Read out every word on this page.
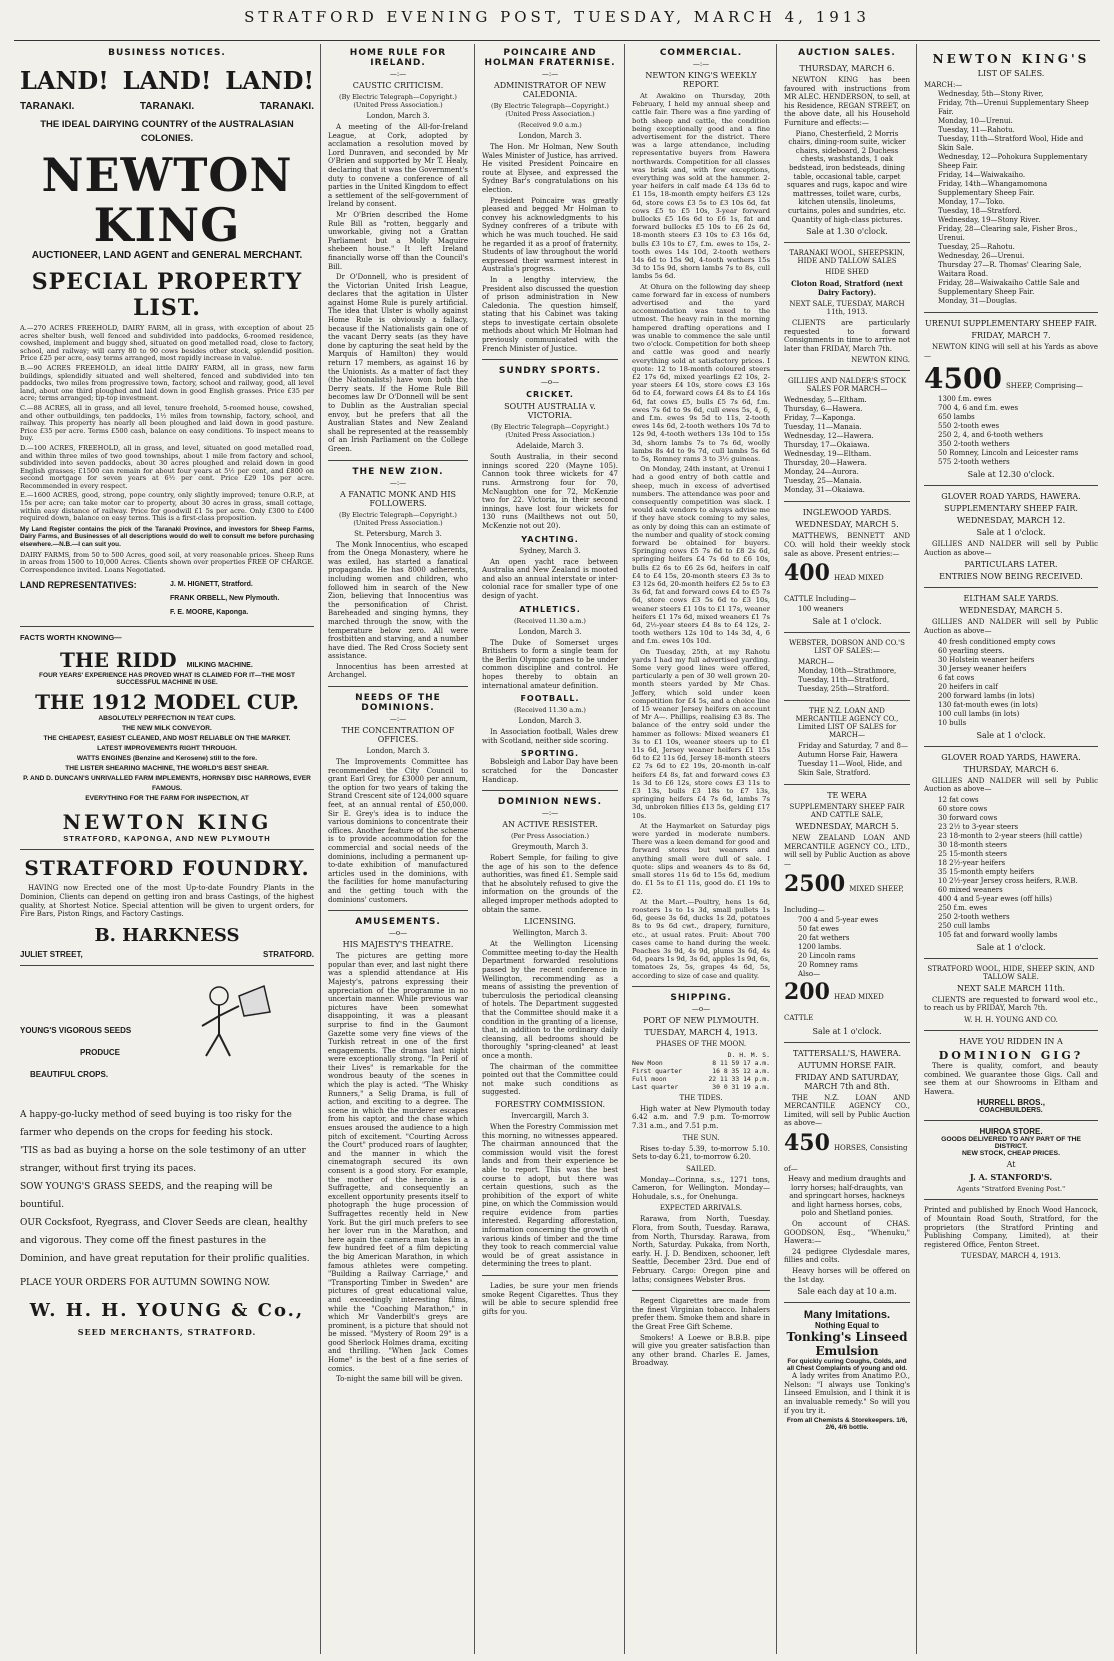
STRATFORD EVENING POST, TUESDAY, MARCH 4, 1913
BUSINESS NOTICES.
LAND! LAND! LAND!
TARANAKI.	TARANAKI.	TARANAKI.
THE IDEAL DAIRYING COUNTRY of the AUSTRALASIAN COLONIES.
NEWTON KING
AUCTIONEER, LAND AGENT and GENERAL MERCHANT.
SPECIAL PROPERTY LIST.

A.—270 ACRES FREEHOLD, DAIRY FARM, all in grass, with exception of about 25 acres shelter bush, well fenced and subdivided into paddocks, 6-roomed residence, cowshed, implement and buggy shed, situated on good metalled road, close to factory, school, and railway; will carry 80 to 90 cows besides other stock, splendid position. Price £25 per acre, easy terms arranged, most rapidly increase in value.

B.—90 ACRES FREEHOLD, an ideal little DAIRY FARM, all in grass, new farm buildings, splendidly situated and well sheltered, fenced and subdivided into ten paddocks, two miles from progressive town, factory, school and railway, good, all level land, about one third ploughed and laid down in good English grasses. Price £35 per acre; terms arranged; tip-top investment.

C.—88 ACRES, all in grass, and all level, tenure freehold, 5-roomed house, cowshed, and other outbuildings, ten paddocks, 1½ miles from township, factory, school, and railway. This property has nearly all been ploughed and laid down in good pasture. Price £35 per acre. Terms £500 cash, balance on easy conditions. To inspect means to buy.

D.—100 ACRES, FREEHOLD, all in grass, and level, situated on good metalled road, and within three miles of two good townships, about 1 mile from factory and school, subdivided into seven paddocks, about 30 acres ploughed and relaid down in good English grasses; £1500 can remain for about four years at 5½ per cent, and £800 on second mortgage for seven years at 6½ per cent. Price £29 10s per acre. Recommended in every respect.

E.—1600 ACRES, good, strong, pope country, only slightly improved; tenure O.R.P., at 15s per acre; can take motor car to property, about 30 acres in grass, small cottage, within easy distance of railway. Price for goodwill £1 5s per acre. Only £300 to £400 required down, balance on easy terms. This is a first-class proposition.

My Land Register contains the pick of the Taranaki Province, and investors for Sheep Farms, Dairy Farms, and Businesses of all descriptions would do well to consult me before purchasing elsewhere.—N.B.—I can suit you.

DAIRY FARMS, from 50 to 500 Acres, good soil, at very reasonable prices. Sheep Runs in areas from 1500 to 10,000 Acres. Clients shown over properties FREE OF CHARGE. Correspondence invited. Loans Negotiated.

LAND REPRESENTATIVES:	J. M. HIGNETT, Stratford.
FRANK ORBELL, New Plymouth.
F. E. MOORE, Kaponga.
FACTS WORTH KNOWING—
THE RIDD MILKING MACHINE.
FOUR YEARS' EXPERIENCE HAS PROVED WHAT IS CLAIMED FOR IT—THE MOST SUCCESSFUL MACHINE IN USE.
THE 1912 MODEL CUP.
ABSOLUTELY PERFECTION IN TEAT CUPS.
THE NEW MILK CONVEYOR.
THE CHEAPEST, EASIEST CLEANED, AND MOST RELIABLE ON THE MARKET.
LATEST IMPROVEMENTS RIGHT THROUGH.
WATTS ENGINES (Benzine and Kerosene) still to the fore.
THE LISTER SHEARING MACHINE, THE WORLD'S BEST SHEAR.
P. AND D. DUNCAN'S UNRIVALLED FARM IMPLEMENTS, HORNSBY DISC HARROWS, EVER FAMOUS.
EVERYTHING FOR THE FARM FOR INSPECTION, AT
NEWTON KING
STRATFORD, KAPONGA, AND NEW PLYMOUTH
STRATFORD FOUNDRY.

HAVING now Erected one of the most Up-to-date Foundry Plants in the Dominion, Clients can depend on getting iron and brass Castings, of the highest quality, at Shortest Notice. Special attention will be given to urgent orders, for Fire Bars, Piston Rings, and Factory Castings.

B. HARKNESS
JULIET STREET,	STRATFORD.
YOUNG'S VIGOROUS SEEDS
PRODUCE
BEAUTIFUL CROPS.

A happy-go-lucky method of seed buying is too risky for the farmer who depends on the crops for feeding his stock.

'TIS as bad as buying a horse on the sole testimony of an utter stranger, without first trying its paces.

SOW YOUNG'S GRASS SEEDS, and the reaping will be bountiful.

OUR Cocksfoot, Ryegrass, and Clover Seeds are clean, healthy and vigorous. They come off the finest pastures in the Dominion, and have great reputation for their prolific qualities.

PLACE YOUR ORDERS FOR AUTUMN SOWING NOW.
W. H. H. YOUNG & Co.,
SEED MERCHANTS, STRATFORD.
HOME RULE FOR IRELAND.
—:—
CAUSTIC CRITICISM.
(By Electric Telegraph—Copyright.) (United Press Association.)
London, March 3.

A meeting of the All-for-Ireland League, at Cork, adopted by acclamation a resolution moved by Lord Dunraven, and seconded by Mr O'Brien and supported by Mr T. Healy, declaring that it was the Government's duty to convene a conference of all parties in the United Kingdom to effect a settlement of the self-government of Ireland by consent.

Mr O'Brien described the Home Rule Bill as "rotten, beggarly and unworkable, giving not a Grattan Parliament but a Molly Maguire shebeen house." It left Ireland financially worse off than the Council's Bill.

Dr O'Donnell, who is president of the Victorian United Irish League, declares that the agitation in Ulster against Home Rule is purely artificial. The idea that Ulster is wholly against Home Rule is obviously a fallacy, because if the Nationalists gain one of the vacant Derry seats (as they have done by capturing the seat held by the Marquis of Hamilton) they would return 17 members, as against 16 by the Unionists. As a matter of fact they (the Nationalists) have won both the Derry seats. If the Home Rule Bill becomes law Dr O'Donnell will be sent to Dublin as the Australian special envoy, but he prefers that all the Australian States and New Zealand shall be represented at the reassembly of an Irish Parliament on the College Green.

THE NEW ZION.
—:—
A FANATIC MONK AND HIS FOLLOWERS.
(By Electric Telegraph—Copyright.) (United Press Association.)
St. Petersburg, March 3.

The Monk Innocentius, who escaped from the Onega Monastery, where he was exiled, has started a fanatical propaganda. He has 8000 adherents, including women and children, who followed him in search of the New Zion, believing that Innocentius was the personification of Christ. Bareheaded and singing hymns, they marched through the snow, with the temperature below zero. All were frostbitten and starving, and a number have died. The Red Cross Society sent assistance.

Innocentius has been arrested at Archangel.

NEEDS OF THE DOMINIONS.
—:—
THE CONCENTRATION OF OFFICES.
London, March 3.

The Improvements Committee has recommended the City Council to grant Earl Grey, for £3000 per annum, the option for two years of taking the Strand Crescent site of 124,000 square feet, at an annual rental of £50,000. Sir E. Grey's idea is to induce the various dominions to concentrate their offices. Another feature of the scheme is to provide accommodation for the commercial and social needs of the dominions, including a permanent up-to-date exhibition of manufactured articles used in the dominions, with the facilities for home manufacturing and the getting touch with the dominions' customers.

AMUSEMENTS.
—o—
HIS MAJESTY'S THEATRE.

The pictures are getting more popular than ever, and last night there was a splendid attendance at His Majesty's, patrons expressing their appreciation of the programme in no uncertain manner. While previous war pictures have been somewhat disappointing, it was a pleasant surprise to find in the Gaumont Gazette some very fine views of the Turkish retreat in one of the first engagements. The dramas last night were exceptionally strong. "In Peril of their Lives" is remarkable for the wondrous beauty of the scenes in which the play is acted. "The Whisky Runners," a Selig Drama, is full of action, and exciting to a degree. The scene in which the murderer escapes from his captor, and the chase which ensues aroused the audience to a high pitch of excitement. "Courting Across the Court" produced roars of laughter, and the manner in which the cinematograph secured its own consent is a good story. For example, the mother of the heroine is a Suffragette, and consequently an excellent opportunity presents itself to photograph the huge procession of Suffragettes recently held in New York. But the girl much prefers to see her lover run in the Marathon, and here again the camera man takes in a few hundred feet of a film depicting the big American Marathon, in which famous athletes were competing. "Building a Railway Carriage," and "Transporting Timber in Sweden" are pictures of great educational value, and exceedingly interesting films, while the "Coaching Marathon," in which Mr Vanderbilt's greys are prominent, is a picture that should not be missed. "Mystery of Room 29" is a good Sherlock Holmes drama, exciting and thrilling. "When Jack Comes Home" is the best of a fine series of comics.

To-night the same bill will be given.

POINCAIRE AND HOLMAN FRATERNISE.
—:—
ADMINISTRATOR OF NEW CALEDONIA.
(By Electric Telegraph—Copyright.) (United Press Association.)
(Received 9.0 a.m.)
London, March 3.

The Hon. Mr Holman, New South Wales Minister of Justice, has arrived. He visited President Poincaire en route at Elysee, and expressed the Sydney Bar's congratulations on his election.

President Poincaire was greatly pleased and begged Mr Holman to convey his acknowledgments to his Sydney confreres of a tribute with which he was much touched. He said he regarded it as a proof of fraternity. Students of law throughout the world expressed their warmest interest in Australia's progress.

In a lengthy interview, the President also discussed the question of prison administration in New Caledonia. The question himself, stating that his Cabinet was taking steps to investigate certain obsolete methods about which Mr Holman had previously communicated with the French Minister of Justice.

SUNDRY SPORTS.
—o—
CRICKET.
SOUTH AUSTRALIA v. VICTORIA.
(By Electric Telegraph—Copyright.) (United Press Association.)
Adelaide, March 3.

South Australia, in their second innings scored 220 (Mayne 105). Cannon took three wickets for 47 runs. Armstrong four for 70, McNaughton one for 72, McKenzie two for 22. Victoria, in their second innings, have lost four wickets for 130 runs (Mailthews not out 50, McKenzie not out 20).

YACHTING.
Sydney, March 3.

An open yacht race between Australia and New Zealand is mooted and also an annual interstate or inter-colonial race for smaller type of one design of yacht.

ATHLETICS.
(Received 11.30 a.m.)
London, March 3.

The Duke of Somerset urges Britishers to form a single team for the Berlin Olympic games to be under common discipline and control. He hopes thereby to obtain an international amateur definition.

FOOTBALL.
(Received 11.30 a.m.)
London, March 3.

In Association football, Wales drew with Scotland, neither side scoring.

SPORTING.

Bobsleigh and Labor Day have been scratched for the Doncaster Handicap.

DOMINION NEWS.
—:—
AN ACTIVE RESISTER.
(Per Press Association.)
Greymouth, March 3.

Robert Semple, for failing to give the age of his son to the defence authorities, was fined £1. Semple said that he absolutely refused to give the information on the grounds of the alleged improper methods adopted to obtain the same.

LICENSING.
Wellington, March 3.

At the Wellington Licensing Committee meeting to-day the Health Department forwarded resolutions passed by the recent conference in Wellington, recommending as a means of assisting the prevention of tuberculosis the periodical cleansing of hotels. The Department suggested that the Committee should make it a condition in the granting of a license, that, in addition to the ordinary daily cleansing, all bedrooms should be thoroughly "spring-cleaned" at least once a month.

The chairman of the committee pointed out that the Committee could not make such conditions as suggested.

FORESTRY COMMISSION.
Invercargill, March 3.

When the Forestry Commission met this morning, no witnesses appeared. The chairman announced that the commission would visit the forest lands and from their experience be able to report. This was the best course to adopt, but there was certain questions, such as the prohibition of the export of white pine, on which the Commission would require evidence from parties interested. Regarding afforestation, information concerning the growth of various kinds of timber and the time they took to reach commercial value would be of great assistance in determining the trees to plant.

Ladies, be sure your men friends smoke Regent Cigarettes. Thus they will be able to secure splendid free gifts for you.

COMMERCIAL.
—:—
NEWTON KING'S WEEKLY REPORT.

At Awakino on Thursday, 20th February, I held my annual sheep and cattle fair. There was a fine yarding of both sheep and cattle, the condition being exceptionally good and a fine advertisement for the district. There was a large attendance, including representative buyers from Hawera northwards. Competition for all classes was brisk and, with few exceptions, everything was sold at the hammer. 2-year heifers in calf made £4 13s 6d to £1 15s, 18-month empty heifers £3 12s 6d, store cows £3 5s to £3 10s 6d, fat cows £5 to £5 10s, 3-year forward bullocks £5 16s 6d to £6 1s, fat and forward bullocks £5 10s to £6 2s 6d, 18-month steers £3 10s to £3 16s 6d, bulls £3 10s to £7, f.m. ewes to 15s, 2-tooth ewes 14s 10d, 2-tooth wethers 14s 6d to 15s 9d, 4-tooth wethers 15s 3d to 15s 9d, shorn lambs 7s to 8s, cull lambs 5s 6d.

At Ohura on the following day sheep came forward far in excess of numbers advertised and the yard accommodation was taxed to the utmost. The heavy rain in the morning hampered drafting operations and I was unable to commence the sale until two o'clock. Competition for both sheep and cattle was good and nearly everything sold at satisfactory prices. I quote: 12 to 18-month coloured steers £2 17s 6d, mixed yearlings £2 10s, 2-year steers £4 10s, store cows £3 16s 6d to £4, forward cows £4 8s to £4 16s 6d, fat cows £5, bulls £5 7s 6d, f.m. ewes 7s 6d to 9s 6d, cull ewes 5s, 4, 6, and f.m. ewes 9s 5d to 11s, 2-tooth ewes 14s 6d, 2-tooth wethers 10s 7d to 12s 9d, 4-tooth wethers 13s 10d to 15s 3d, shorn lambs 7s to 7s 6d, woolly lambs 8s 4d to 9s 7d, cull lambs 5s 6d to 5s, Romney rams 3 to 3½ guineas.

On Monday, 24th instant, at Urenui I had a good entry of both cattle and sheep, much in excess of advertised numbers. The attendance was poor and consequently competition was slack. I would ask vendors to always advise me if they have stock coming to my sales, as only by doing this can an estimate of the number and quality of stock coming forward be obtained for buyers. Springing cows £5 7s 6d to £8 2s 6d, springing heifers £4 7s 6d to £6 10s, bulls £2 6s to £6 2s 6d, heifers in calf £4 to £4 15s, 20-month steers £3 3s to £3 12s 6d, 20-month heifers £2 5s to £3 3s 6d, fat and forward cows £4 to £5 7s 6d, store cows £3 5s 6d to £3 10s, weaner steers £1 10s to £1 17s, weaner heifers £1 17s 6d, mixed weaners £1 7s 6d, 2½-year steers £4 8s to £4 12s, 2-tooth wethers 12s 10d to 14s 3d, 4, 6 and f.m. ewes 10s 10d.

On Tuesday, 25th, at my Rahotu yards I had my full advertised yarding. Some very good lines were offered, particularly a pen of 30 well grown 20-month steers yarded by Mr Chas. Jeffery, which sold under keen competition for £4 5s, and a choice line of 15 weaner Jersey heifers on account of Mr A—. Phillips, realising £3 8s. The balance of the entry sold under the hammer as follows: Mixed weaners £1 3s to £1 10s, weaner steers up to £1 11s 6d, Jersey weaner heifers £1 15s 6d to £2 11s 6d, Jersey 18-month steers £2 7s 6d to £2 19s, 20-month in-calf heifers £4 8s, fat and forward cows £3 1s 3d to £6 12s, store cows £3 11s to £3 13s, bulls £3 18s to £7 13s, springing heifers £4 7s 6d, lambs 7s 3d, unbroken fillies £13 5s, gelding £17 10s.

At the Haymarket on Saturday pigs were yarded in moderate numbers. There was a keen demand for good and forward stores but weaners and anything small were dull of sale. I quote: slips and weaners 4s to 8s 6d, small stores 11s 6d to 15s 6d, medium do. £1 5s to £1 11s, good do. £1 19s to £2.

At the Mart.—Poultry, hens 1s 6d, roosters 1s to 1s 3d, small pullets 1s 6d, geese 3s 6d, ducks 1s 2d, potatoes 8s to 9s 6d cwt., drapery, furniture, etc., at usual rates. Fruit: About 700 cases came to hand during the week. Peaches 3s 9d, 4s 9d, plums 3s 6d, 4s 6d, pears 1s 9d, 3s 6d, apples 1s 9d, 6s, tomatoes 2s, 5s, grapes 4s 6d, 5s, according to size of case and quality.

SHIPPING.
—o—
PORT OF NEW PLYMOUTH.
TUESDAY, MARCH 4, 1913.
PHASES OF THE MOON.
D. H. M. S.
New Moon	8 11 59 17 a.m.
First quarter	16 8 35 12 a.m.
Full moon	22 11 33 14 p.m.
Last quarter	30 0 31 19 a.m.
THE TIDES.

High water at New Plymouth today 6.42 a.m. and 7.9 p.m. To-morrow 7.31 a.m., and 7.51 p.m.

THE SUN.

Rises to-day 5.39, to-morrow 5.10. Sets to-day 6.21, to-morrow 6.20.

SAILED.

Monday—Corinna, s.s., 1271 tons, Cameron, for Wellington. Monday—Hohudale, s.s., for Onehunga.

EXPECTED ARRIVALS.

Rarawa, from North, Tuesday. Flora, from South, Tuesday. Rarawa, from North, Thursday. Rarawa, from North, Saturday. Pukaka, from North, early. H. J. D. Bendixen, schooner, left Seattle, December 23rd. Due end of February. Cargo: Oregon pine and laths; consignees Webster Bros.

Regent Cigarettes are made from the finest Virginian tobacco. Inhalers prefer them. Smoke them and share in the Great Free Gift Scheme.

Smokers! A Loewe or B.B.B. pipe will give you greater satisfaction than any other brand. Charles E. James, Broadway.

AUCTION SALES.
THURSDAY, MARCH 6.

NEWTON KING has been favoured with instructions from MR ALEC. HENDERSON, to sell, at his Residence, REGAN STREET, on the above date, all his Household Furniture and effects:—

Piano, Chesterfield, 2 Morris chairs, dining-room suite, wicker chairs, sideboard, 2 Duchess chests, washstands, 1 oak bedstead, iron bedsteads, dining table, occasional table, carpet squares and rugs, kapoc and wire mattresses, toilet ware, curbs, kitchen utensils, linoleums, curtains, poles and sundries, etc. Quantity of high-class pictures.

Sale at 1.30 o'clock.
TARANAKI WOOL, SHEEPSKIN, HIDE AND TALLOW SALES
HIDE SHED
Cloton Road, Stratford (next Dairy Factory).
NEXT SALE, TUESDAY, MARCH 11th, 1913.

CLIENTS are particularly requested to forward Consignments in time to arrive not later than FRIDAY, March 7th.

NEWTON KING.
GILLIES AND NALDER'S STOCK SALES FOR MARCH—
Wednesday, 5—Eltham.
Thursday, 6—Hawera.
Friday, 7—Kaponga.
Tuesday, 11—Manaia.
Wednesday, 12—Hawera.
Thursday, 17—Okaiawa.
Wednesday, 19—Eltham.
Thursday, 20—Hawera.
Monday, 24—Aurora.
Tuesday, 25—Manaia.
Monday, 31—Okaiawa.
INGLEWOOD YARDS.
WEDNESDAY, MARCH 5.

MATTHEWS, BENNETT AND CO. will hold their weekly stock sale as above. Present entries:—

400 HEAD MIXED CATTLE Including—
100 weaners
Sale at 1 o'clock.
WEBSTER, DOBSON AND CO.'S LIST OF SALES:—
MARCH—
Monday, 10th—Strathmore,
Tuesday, 11th—Stratford,
Tuesday, 25th—Stratford.
THE N.Z. LOAN AND MERCANTILE AGENCY CO., Limited LIST OF SALES for MARCH—
Friday and Saturday, 7 and 8—Autumn Horse Fair, Hawera
Tuesday 11—Wool, Hide, and Skin Sale, Stratford.
TE WERA
SUPPLEMENTARY SHEEP FAIR AND CATTLE SALE,
WEDNESDAY, MARCH 5.

NEW ZEALAND LOAN AND MERCANTILE AGENCY CO., LTD., will sell by Public Auction as above—

2500 MIXED SHEEP, Including—
700 4 and 5-year ewes
50 fat ewes
20 fat wethers
1200 lambs.
20 Lincoln rams
20 Romney rams
Also—
200 HEAD MIXED CATTLE
Sale at 1 o'clock.
TATTERSALL'S, HAWERA.
AUTUMN HORSE FAIR.
FRIDAY AND SATURDAY, MARCH 7th and 8th.

THE N.Z. LOAN AND MERCANTILE AGENCY CO., Limited, will sell by Public Auction as above—

450 HORSES, Consisting of—

Heavy and medium draughts and lorry horses; half-draughts, van and springcart horses, hackneys and light harness horses, cobs, polo and Shetland ponies.

On account of CHAS. GOODSON, Esq., "Whenuku," Hawera:—

24 pedigree Clydesdale mares, fillies and colts.

Heavy horses will be offered on the 1st day.

Sale each day at 10 a.m.
Many Imitations.
Nothing Equal to
Tonking's Linseed Emulsion
For quickly curing Coughs, Colds, and all Chest Complaints of young and old.

A lady writes from Anatimo P.O., Nelson: "I always use Tonking's Linseed Emulsion, and I think it is an invaluable remedy." So will you if you try it.

From all Chemists & Storekeepers. 1/6, 2/6, 4/6 bottle.
NEWTON KING'S
LIST OF SALES.
MARCH:—
Wednesday, 5th—Stony River,
Friday, 7th—Urenui Supplementary Sheep Fair.
Monday, 10—Urenui.
Tuesday, 11—Rahotu.
Tuesday, 11th—Stratford Wool, Hide and Skin Sale.
Wednesday, 12—Pohokura Supplementary Sheep Fair.
Friday, 14—Waiwakaiho.
Friday, 14th—Whangamomona Supplementary Sheep Fair.
Monday, 17—Toko.
Tuesday, 18—Stratford.
Wednesday, 19—Stony River.
Friday, 28—Clearing sale, Fisher Bros., Urenui.
Tuesday, 25—Rahotu.
Wednesday, 26—Urenui.
Thursday 27—R. Thomas' Clearing Sale, Waitara Road.
Friday, 28—Waiwakaiho Cattle Sale and Supplementary Sheep Fair.
Monday, 31—Douglas.
URENUI SUPPLEMENTARY SHEEP FAIR.
FRIDAY, MARCH 7.

NEWTON KING will sell at his Yards as above—

4500 SHEEP, Comprising—
1300 f.m. ewes
700 4, 6 and f.m. ewes
650 lambs
550 2-tooth ewes
250 2, 4, and 6-tooth wethers
350 2-tooth wethers
50 Romney, Lincoln and Leicester rams
575 2-tooth wethers
Sale at 12.30 o'clock.
GLOVER ROAD YARDS, HAWERA.
SUPPLEMENTARY SHEEP FAIR.
WEDNESDAY, MARCH 12.
Sale at 1 o'clock.

GILLIES AND NALDER will sell by Public Auction as above—

PARTICULARS LATER.
ENTRIES NOW BEING RECEIVED.
ELTHAM SALE YARDS.
WEDNESDAY, MARCH 5.

GILLIES AND NALDER will sell by Public Auction as above—

40 fresh conditioned empty cows
60 yearling steers.
30 Holstein weaner heifers
30 Jersey weaner heifers
6 fat cows
20 heifers in calf
200 forward lambs (in lots)
130 fat-mouth ewes (in lots)
100 cull lambs (in lots)
10 bulls
Sale at 1 o'clock.
GLOVER ROAD YARDS, HAWERA.
THURSDAY, MARCH 6.

GILLIES AND NALDER will sell by Public Auction as above—

12 fat cows
60 store cows
30 forward cows
23 2½ to 3-year steers
23 18-month to 2-year steers (hill cattle)
30 18-month steers
25 15-month steers
18 2½-year heifers
35 15-month empty heifers
10 2½-year Jersey cross heifers, R.W.B.
60 mixed weaners
400 4 and 5-year ewes (off hills)
250 f.m. ewes
250 2-tooth wethers
250 cull lambs
105 fat and forward woolly lambs
Sale at 1 o'clock.
STRATFORD WOOL, HIDE, SHEEP SKIN, AND TALLOW SALE.
NEXT SALE MARCH 11th.

CLIENTS are requested to forward wool etc., to reach us by FRIDAY, March 7th.

W. H. H. YOUNG AND CO.
HAVE YOU RIDDEN IN A
DOMINION GIG?

There is quality, comfort, and beauty combined. We guarantee those Gigs. Call and see them at our Showrooms in Eltham and Hawera.

HURRELL BROS.,
COACHBUILDERS.
HUIROA STORE.
GOODS DELIVERED TO ANY PART OF THE DISTRICT.
NEW STOCK, CHEAP PRICES.
At
J. A. STANFORD'S.
Agents "Stratford Evening Post."

Printed and published by Enoch Wood Hancock, of Mountain Road South, Stratford, for the proprietors (the Stratford Printing and Publishing Company, Limited), at their registered Office, Fenton Street.

TUESDAY, MARCH 4, 1913.
